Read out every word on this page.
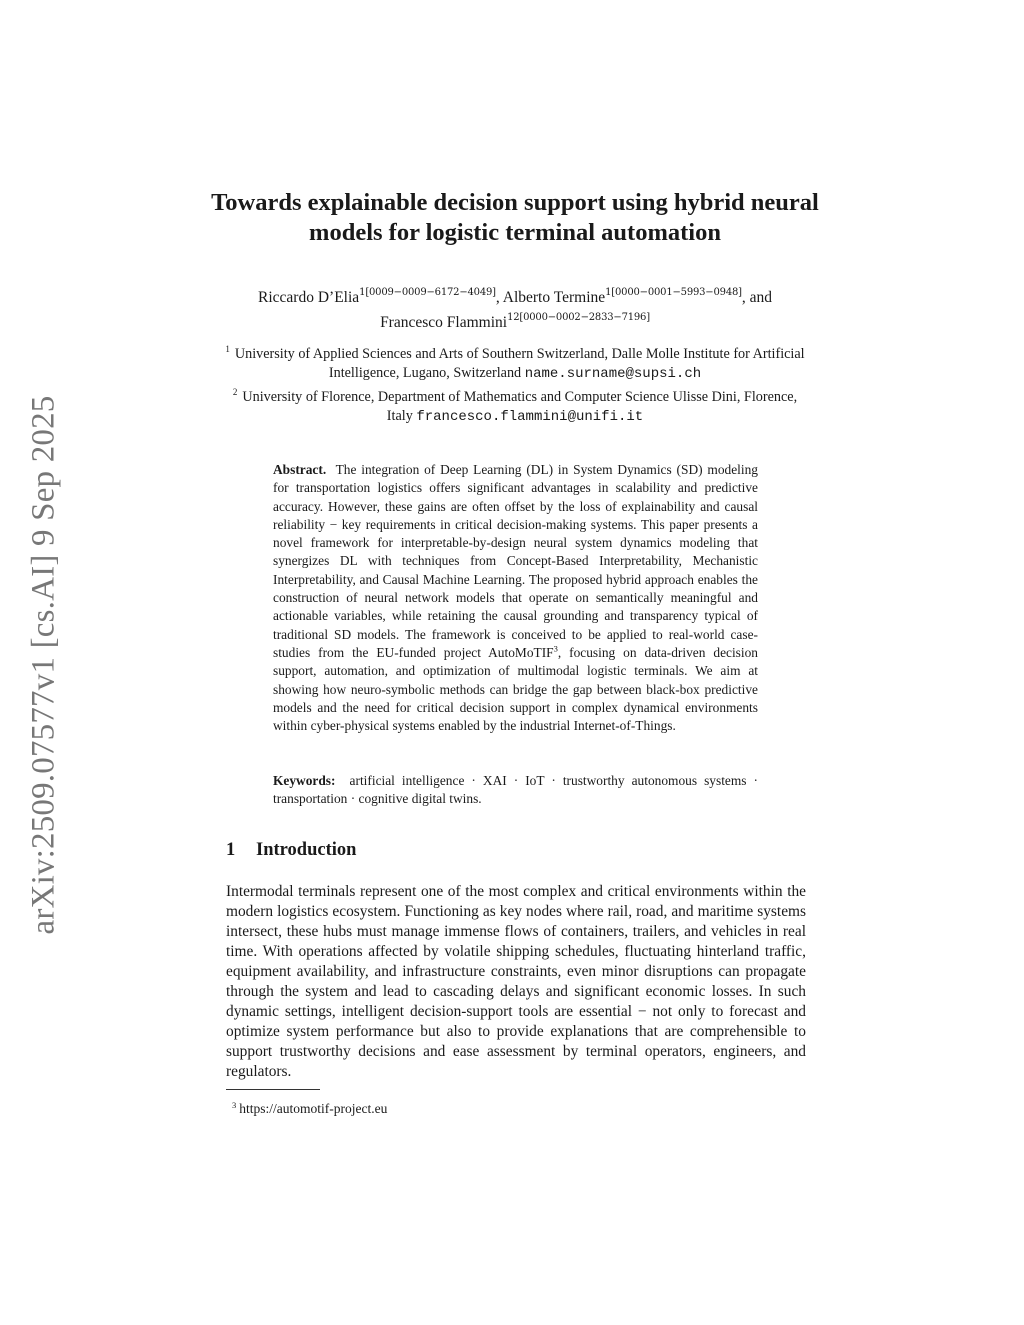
arXiv:2509.07577v1 [cs.AI] 9 Sep 2025
Towards explainable decision support using hybrid neural models for logistic terminal automation
Riccardo D’Elia$^{1[0009-0009-6172-4049]}$, Alberto Termine$^{1[0000-0001-5993-0948]}$, and
Francesco Flammini$^{12[0000-0002-2833-7196]}$
$^1$ University of Applied Sciences and Arts of Southern Switzerland, Dalle Molle Institute for Artificial Intelligence, Lugano, Switzerland name.surname@supsi.ch
$^2$ University of Florence, Department of Mathematics and Computer Science Ulisse Dini, Florence, Italy francesco.flammini@unifi.it

Abstract. The integration of Deep Learning (DL) in System Dynamics (SD) modeling for transportation logistics offers significant advantages in scalability and predictive accuracy. However, these gains are often offset by the loss of explainability and causal reliability − key requirements in critical decision-making systems. This paper presents a novel framework for interpretable-by-design neural system dynamics modeling that synergizes DL with techniques from Concept-Based Interpretability, Mechanistic Interpretability, and Causal Machine Learning. The proposed hybrid approach enables the construction of neural network models that operate on semantically meaningful and actionable variables, while retaining the causal grounding and transparency typical of traditional SD models. The framework is conceived to be applied to real-world case-studies from the EU-funded project AutoMoTIF$^3$, focusing on data-driven decision support, automation, and optimization of multimodal logistic terminals. We aim at showing how neuro-symbolic methods can bridge the gap between black-box predictive models and the need for critical decision support in complex dynamical environments within cyber-physical systems enabled by the industrial Internet-of-Things.

Keywords: artificial intelligence · XAI · IoT · trustworthy autonomous systems · transportation · cognitive digital twins.

1 Introduction

Intermodal terminals represent one of the most complex and critical environments within the modern logistics ecosystem. Functioning as key nodes where rail, road, and maritime systems intersect, these hubs must manage immense flows of containers, trailers, and vehicles in real time. With operations affected by volatile shipping schedules, fluctuating hinterland traffic, equipment availability, and infrastructure constraints, even minor disruptions can propagate through the system and lead to cascading delays and significant economic losses. In such dynamic settings, intelligent decision-support tools are essential − not only to forecast and optimize system performance but also to provide explanations that are comprehensible to support trustworthy decisions and ease assessment by terminal operators, engineers, and regulators.

$^3$ https://automotif-project.eu
